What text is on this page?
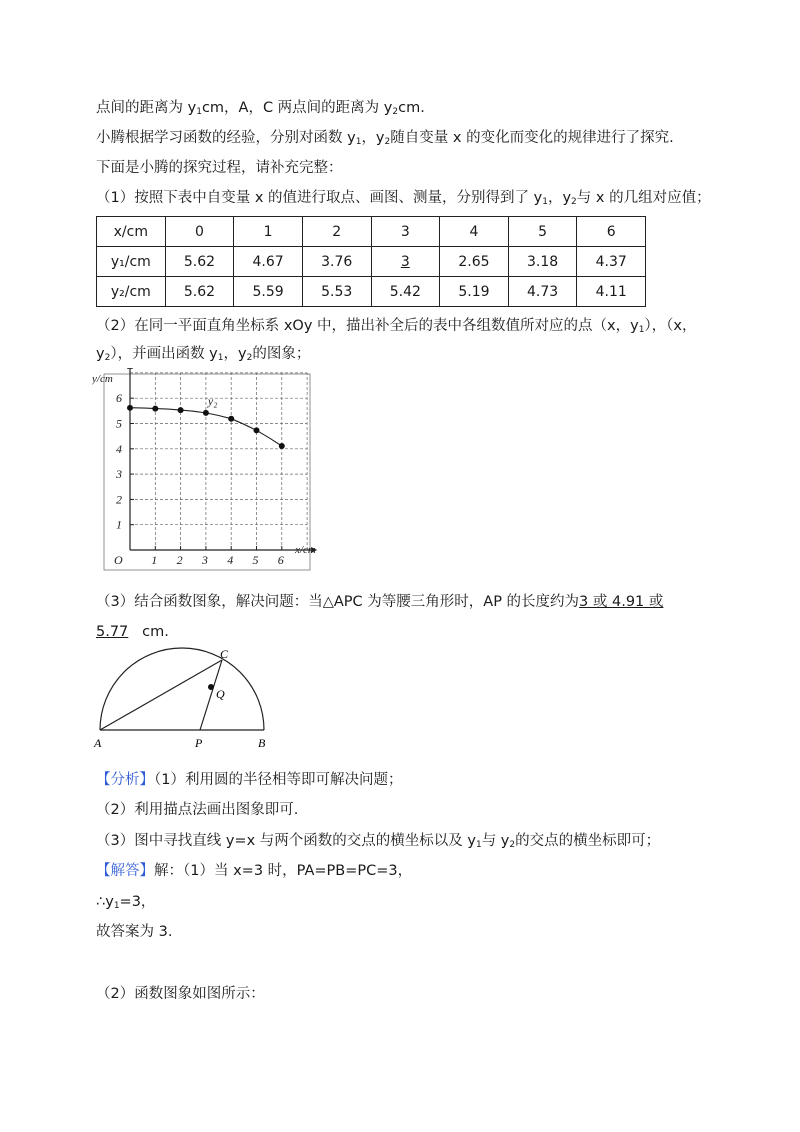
点间的距离为 $y_1cm$，A，C 两点间的距离为 $y_2cm$.
小腾根据学习函数的经验，分别对函数 $y_1$，$y_2$随自变量 x 的变化而变化的规律进行了探究.
下面是小腾的探究过程，请补充完整：
（1）按照下表中自变量 x 的值进行取点、画图、测量，分别得到了 $y_1$，$y_2$与 x 的几组对应值；
x/cm	0	1	2	3	4	5	6
y₁/cm	5.62	4.67	3.76	3	2.65	3.18	4.37
y₂/cm	5.62	5.59	5.53	5.42	5.19	4.73	4.11
（2）在同一平面直角坐标系 xOy 中，描出补全后的表中各组数值所对应的点（x，$y_1$），（x，
$y_2$），并画出函数 $y_1$，$y_2$的图象；
1 2 3 4 5 6
1
2
3
4
5
6
O
x/cm
y/cm
y₂
（3）结合函数图象，解决问题：当△APC 为等腰三角形时，AP 的长度约为3 或 4.91 或
5.77 cm.
A	P	B
C
Q
【分析】（1）利用圆的半径相等即可解决问题；
（2）利用描点法画出图象即可.
（3）图中寻找直线 y=x 与两个函数的交点的横坐标以及 $y_1$与 $y_2$的交点的横坐标即可；
【解答】解：（1）当 x=3 时，PA=PB=PC=3，
$\therefore y_1=3$，
故答案为 3.
（2）函数图象如图所示：
